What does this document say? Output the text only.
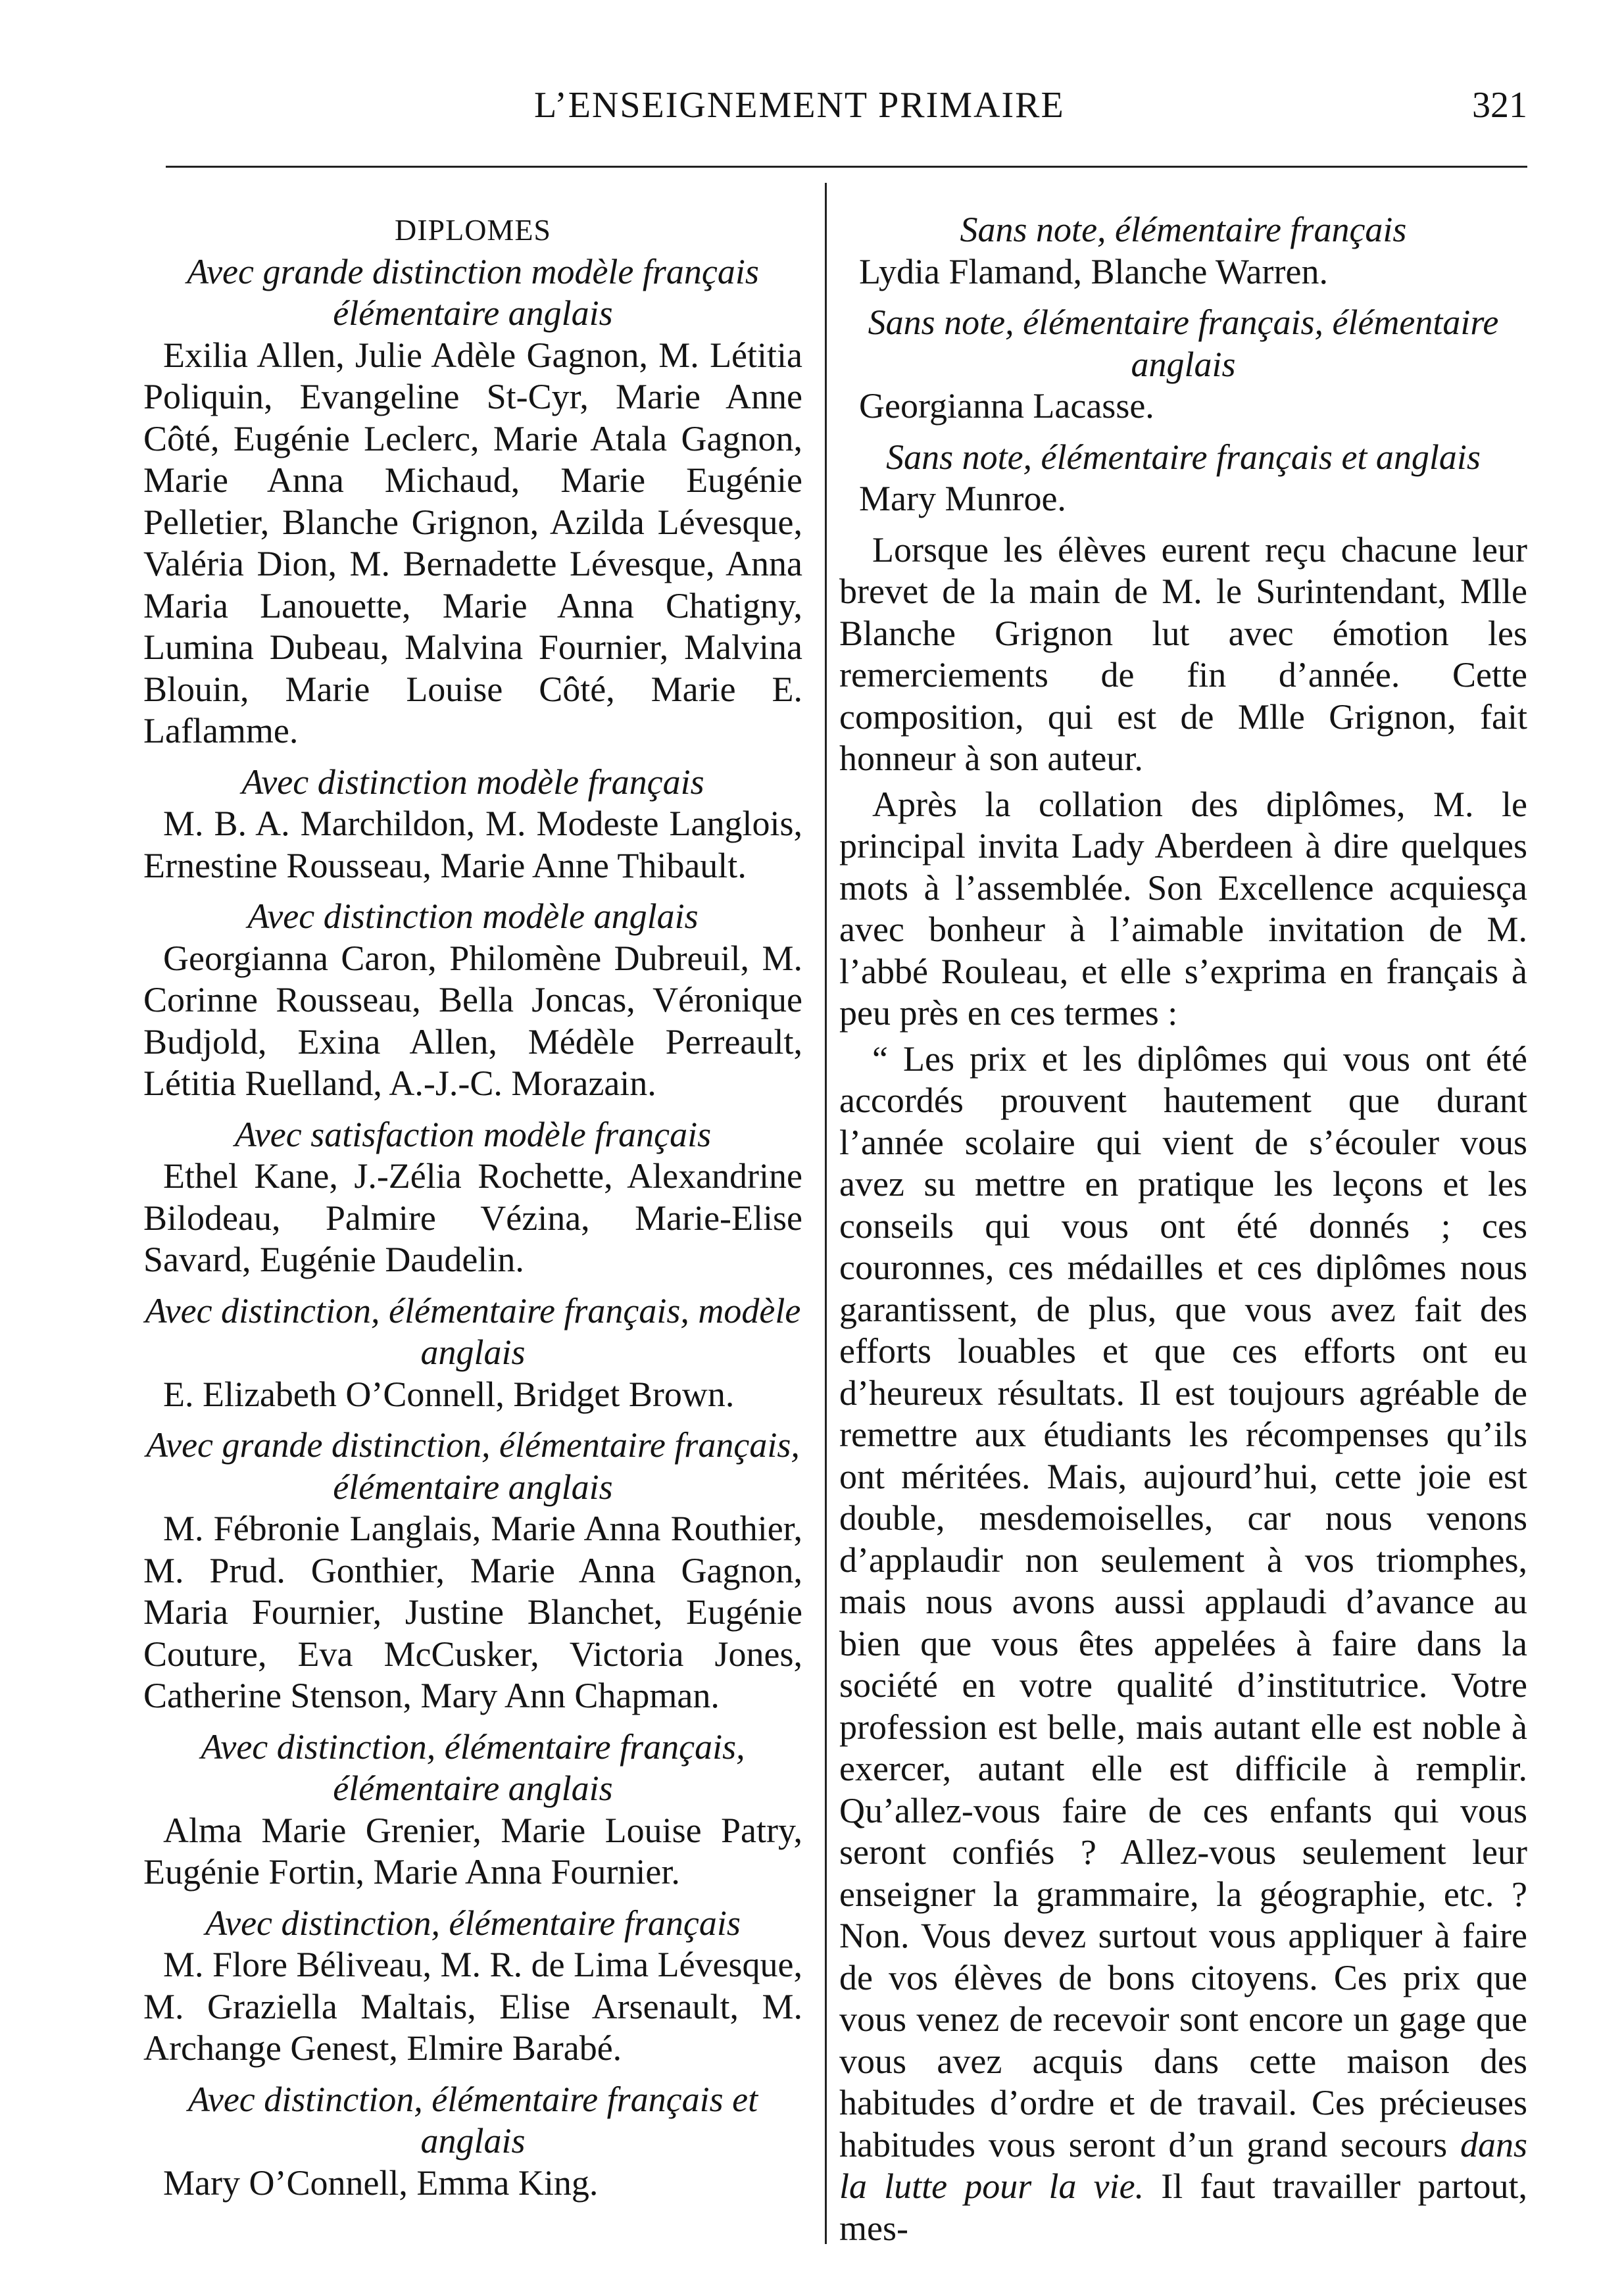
L’ENSEIGNEMENT PRIMAIRE	321
DIPLOMES
Avec grande distinction modèle français élémentaire anglais
Exilia Allen, Julie Adèle Gagnon, M. Létitia Poliquin, Evangeline St-Cyr, Marie Anne Côté, Eugénie Leclerc, Marie Atala Gagnon, Marie Anna Michaud, Marie Eugénie Pelletier, Blanche Grignon, Azilda Lévesque, Valéria Dion, M. Bernadette Lévesque, Anna Maria Lanouette, Marie Anna Chatigny, Lumina Dubeau, Malvina Fournier, Malvina Blouin, Marie Louise Côté, Marie E. Laflamme.
Avec distinction modèle français
M. B. A. Marchildon, M. Modeste Langlois, Ernestine Rousseau, Marie Anne Thibault.
Avec distinction modèle anglais
Georgianna Caron, Philomène Dubreuil, M. Corinne Rousseau, Bella Joncas, Véronique Budjold, Exina Allen, Médèle Perreault, Létitia Ruelland, A.-J.-C. Morazain.
Avec satisfaction modèle français
Ethel Kane, J.-Zélia Rochette, Alexandrine Bilodeau, Palmire Vézina, Marie-Elise Savard, Eugénie Daudelin.
Avec distinction, élémentaire français, modèle anglais
E. Elizabeth O’Connell, Bridget Brown.
Avec grande distinction, élémentaire français, élémentaire anglais
M. Fébronie Langlais, Marie Anna Routhier, M. Prud. Gonthier, Marie Anna Gagnon, Maria Fournier, Justine Blanchet, Eugénie Couture, Eva McCusker, Victoria Jones, Catherine Stenson, Mary Ann Chapman.
Avec distinction, élémentaire français, élémentaire anglais
Alma Marie Grenier, Marie Louise Patry, Eugénie Fortin, Marie Anna Fournier.
Avec distinction, élémentaire français
M. Flore Béliveau, M. R. de Lima Lévesque, M. Graziella Maltais, Elise Arsenault, M. Archange Genest, Elmire Barabé.
Avec distinction, élémentaire français et anglais
Mary O’Connell, Emma King.
Sans note, élémentaire français
Lydia Flamand, Blanche Warren.
Sans note, élémentaire français, élémentaire anglais
Georgianna Lacasse.
Sans note, élémentaire français et anglais
Mary Munroe.
Lorsque les élèves eurent reçu chacune leur brevet de la main de M. le Surintendant, Mlle Blanche Grignon lut avec émotion les remerciements de fin d’année. Cette composition, qui est de Mlle Grignon, fait honneur à son auteur.
Après la collation des diplômes, M. le principal invita Lady Aberdeen à dire quelques mots à l’assemblée. Son Excellence acquiesça avec bonheur à l’aimable invitation de M. l’abbé Rouleau, et elle s’exprima en français à peu près en ces termes :
“ Les prix et les diplômes qui vous ont été accordés prouvent hautement que durant l’année scolaire qui vient de s’écouler vous avez su mettre en pratique les leçons et les conseils qui vous ont été donnés ; ces couronnes, ces médailles et ces diplômes nous garantissent, de plus, que vous avez fait des efforts louables et que ces efforts ont eu d’heureux résultats. Il est toujours agréable de remettre aux étudiants les récompenses qu’ils ont méritées. Mais, aujourd’hui, cette joie est double, mesdemoiselles, car nous venons d’applaudir non seulement à vos triomphes, mais nous avons aussi applaudi d’avance au bien que vous êtes appelées à faire dans la société en votre qualité d’institutrice. Votre profession est belle, mais autant elle est noble à exercer, autant elle est difficile à remplir. Qu’allez-vous faire de ces enfants qui vous seront confiés ? Allez-vous seulement leur enseigner la grammaire, la géographie, etc. ? Non. Vous devez surtout vous appliquer à faire de vos élèves de bons citoyens. Ces prix que vous venez de recevoir sont encore un gage que vous avez acquis dans cette maison des habitudes d’ordre et de travail. Ces précieuses habitudes vous seront d’un grand secours dans la lutte pour la vie. Il faut travailler partout, mes-
